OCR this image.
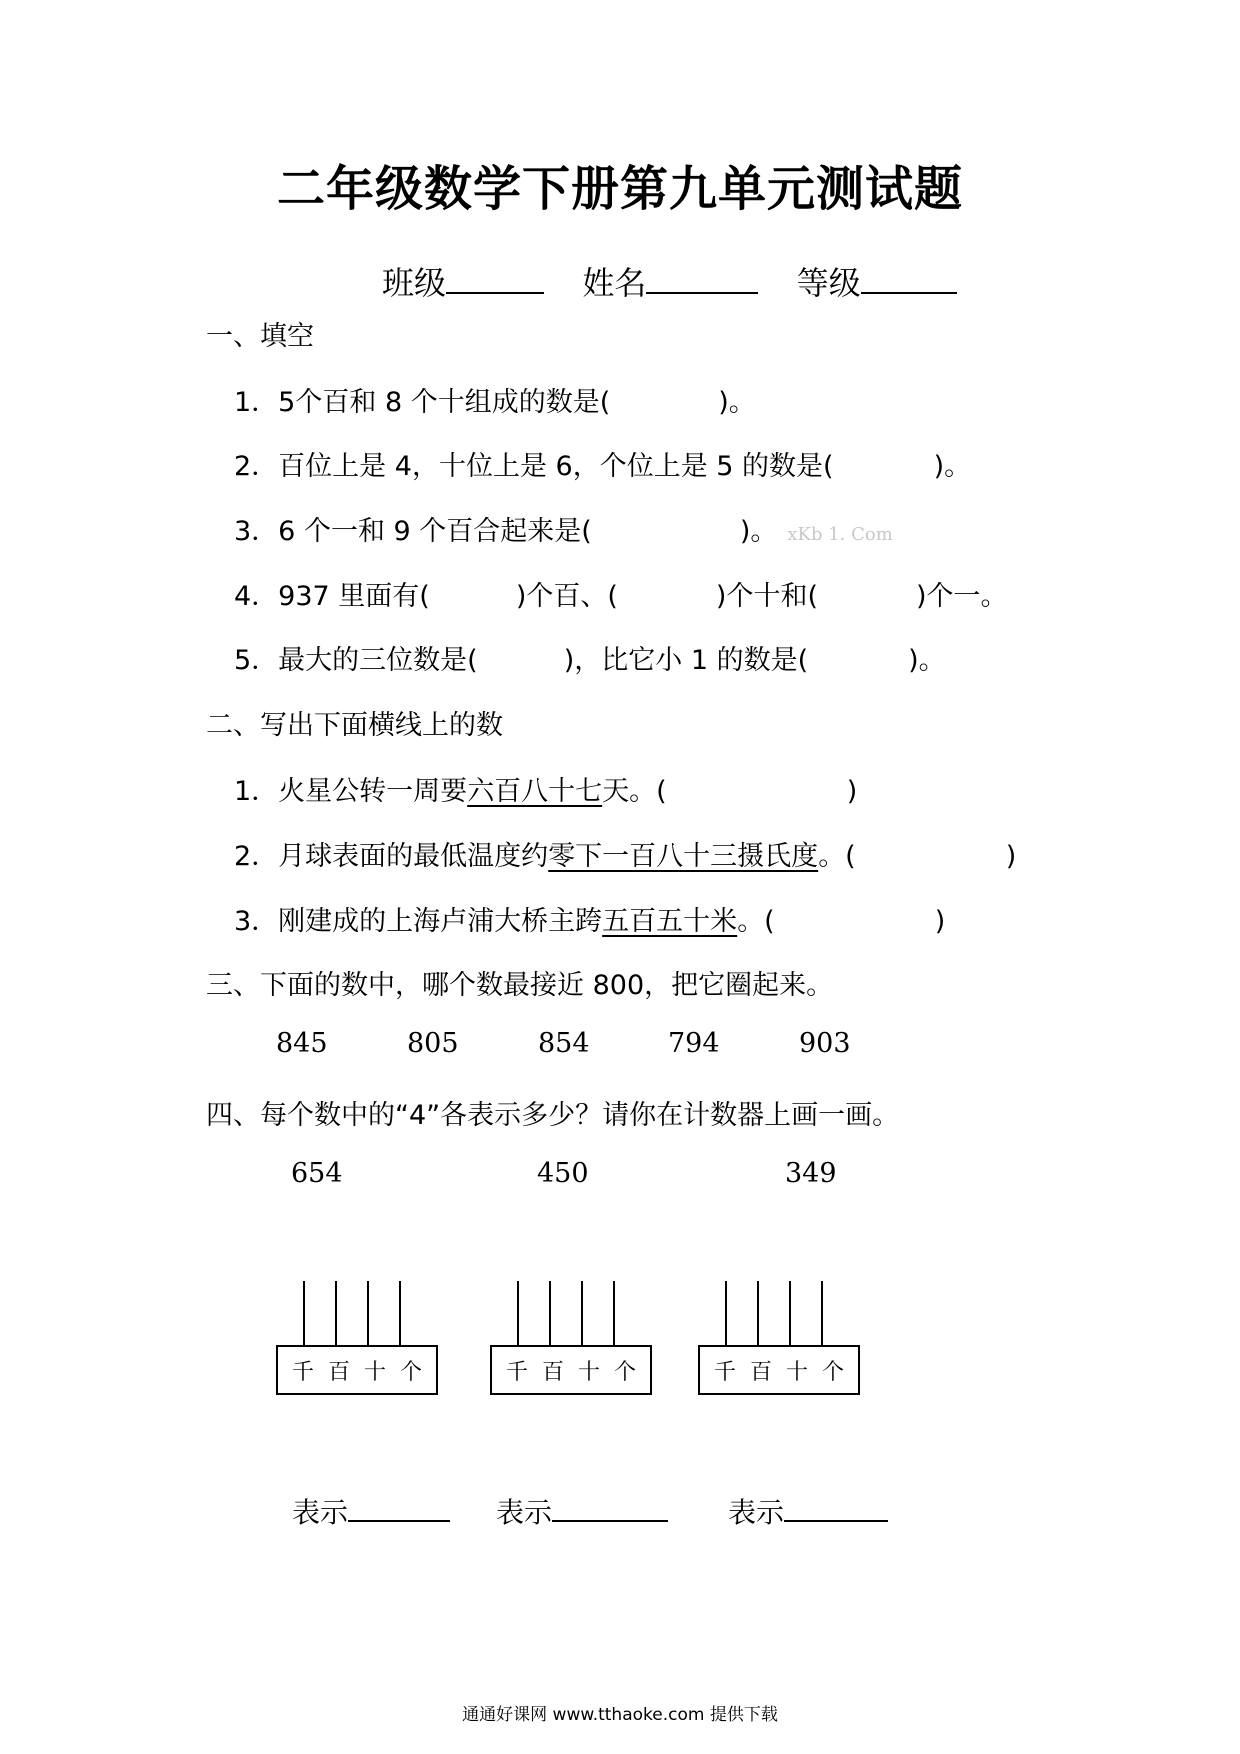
二年级数学下册第九单元测试题
班级	姓名	等级
一、填空
1．5个百和 8 个十组成的数是(	)。
2．百位上是 4，十位上是 6，个位上是 5 的数是(	)。
3．6 个一和 9 个百合起来是(	)。 xKb 1. Com
4．937 里面有(	)个百、(	)个十和(	)个一。
5．最大的三位数是(	)，比它小 1 的数是(	)。
二、写出下面横线上的数
1．火星公转一周要六百八十七天。(	)
2．月球表面的最低温度约零下一百八十三摄氏度。(	)
3．刚建成的上海卢浦大桥主跨五百五十米。(	)
三、下面的数中，哪个数最接近 800，把它圈起来。
845	805	854	794	903
四、每个数中的“4”各表示多少？请你在计数器上画一画。
654	450	349
千 百 十 个	千 百 十 个	千 百 十 个
表示	表示	表示
通通好课网 www.tthaoke.com 提供下载
